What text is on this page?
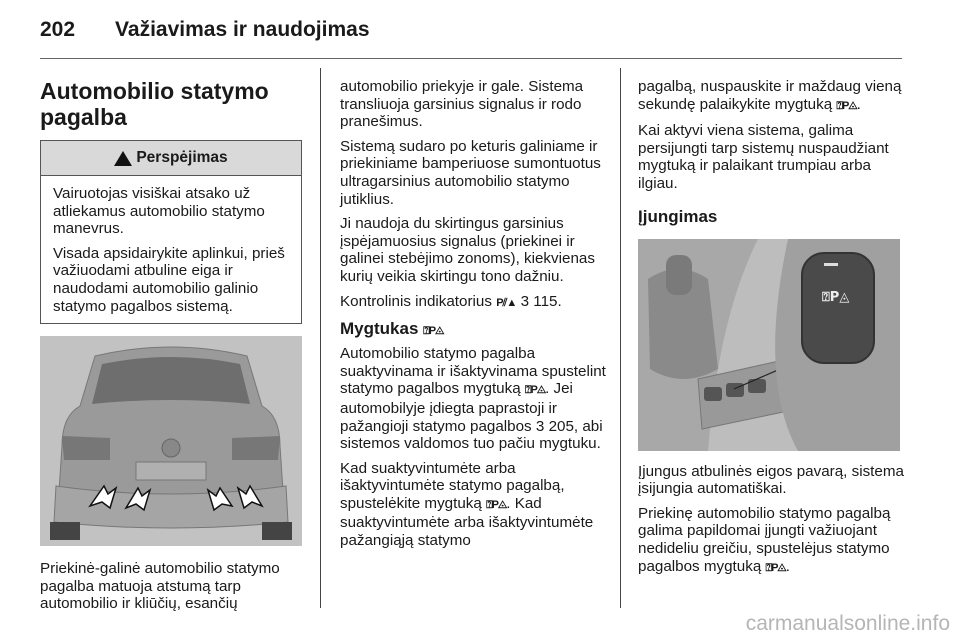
202 Važiavimas ir naudojimas
Automobilio statymo pagalba
Perspėjimas

Vairuotojas visiškai atsako už atliekamus automobilio statymo manevrus.

Visada apsidairykite aplinkui, prieš važiuodami atbuline eiga ir naudodami automobilio galinio statymo pagalbos sistemą.

Priekinė-galinė automobilio statymo pagalba matuoja atstumą tarp automobilio ir kliūčių, esančių

automobilio priekyje ir gale. Sistema transliuoja garsinius signalus ir rodo pranešimus.

Sistemą sudaro po keturis galiniame ir priekiniame bamperiuose sumontuotus ultragarsinius automobilio statymo jutiklius.

Ji naudoja du skirtingus garsinius įspėjamuosius signalus (priekinei ir galinei stebėjimo zonoms), kiekvienas kurių veikia skirtingu tono dažniu.

Kontrolinis indikatorius P⫽▲ 3 115.

Mygtukas ⍰P◬

Automobilio statymo pagalba suaktyvinama ir išaktyvinama spustelint statymo pagalbos mygtuką ⍰P◬. Jei automobilyje įdiegta paprastoji ir pažangioji statymo pagalbos 3 205, abi sistemos valdomos tuo pačiu mygtuku.

Kad suaktyvintumėte arba išaktyvintumėte statymo pagalbą, spustelėkite mygtuką ⍰P◬. Kad suaktyvintumėte arba išaktyvintumėte pažangiąją statymo

pagalbą, nuspauskite ir maždaug vieną sekundę palaikykite mygtuką ⍰P◬.

Kai aktyvi viena sistema, galima persijungti tarp sistemų nuspaudžiant mygtuką ir palaikant trumpiau arba ilgiau.

Įjungimas
⍰P◬

Įjungus atbulinės eigos pavarą, sistema įsijungia automatiškai.

Priekinę automobilio statymo pagalbą galima papildomai įjungti važiuojant nedideliu greičiu, spustelėjus statymo pagalbos mygtuką ⍰P◬.

carmanualsonline.info
